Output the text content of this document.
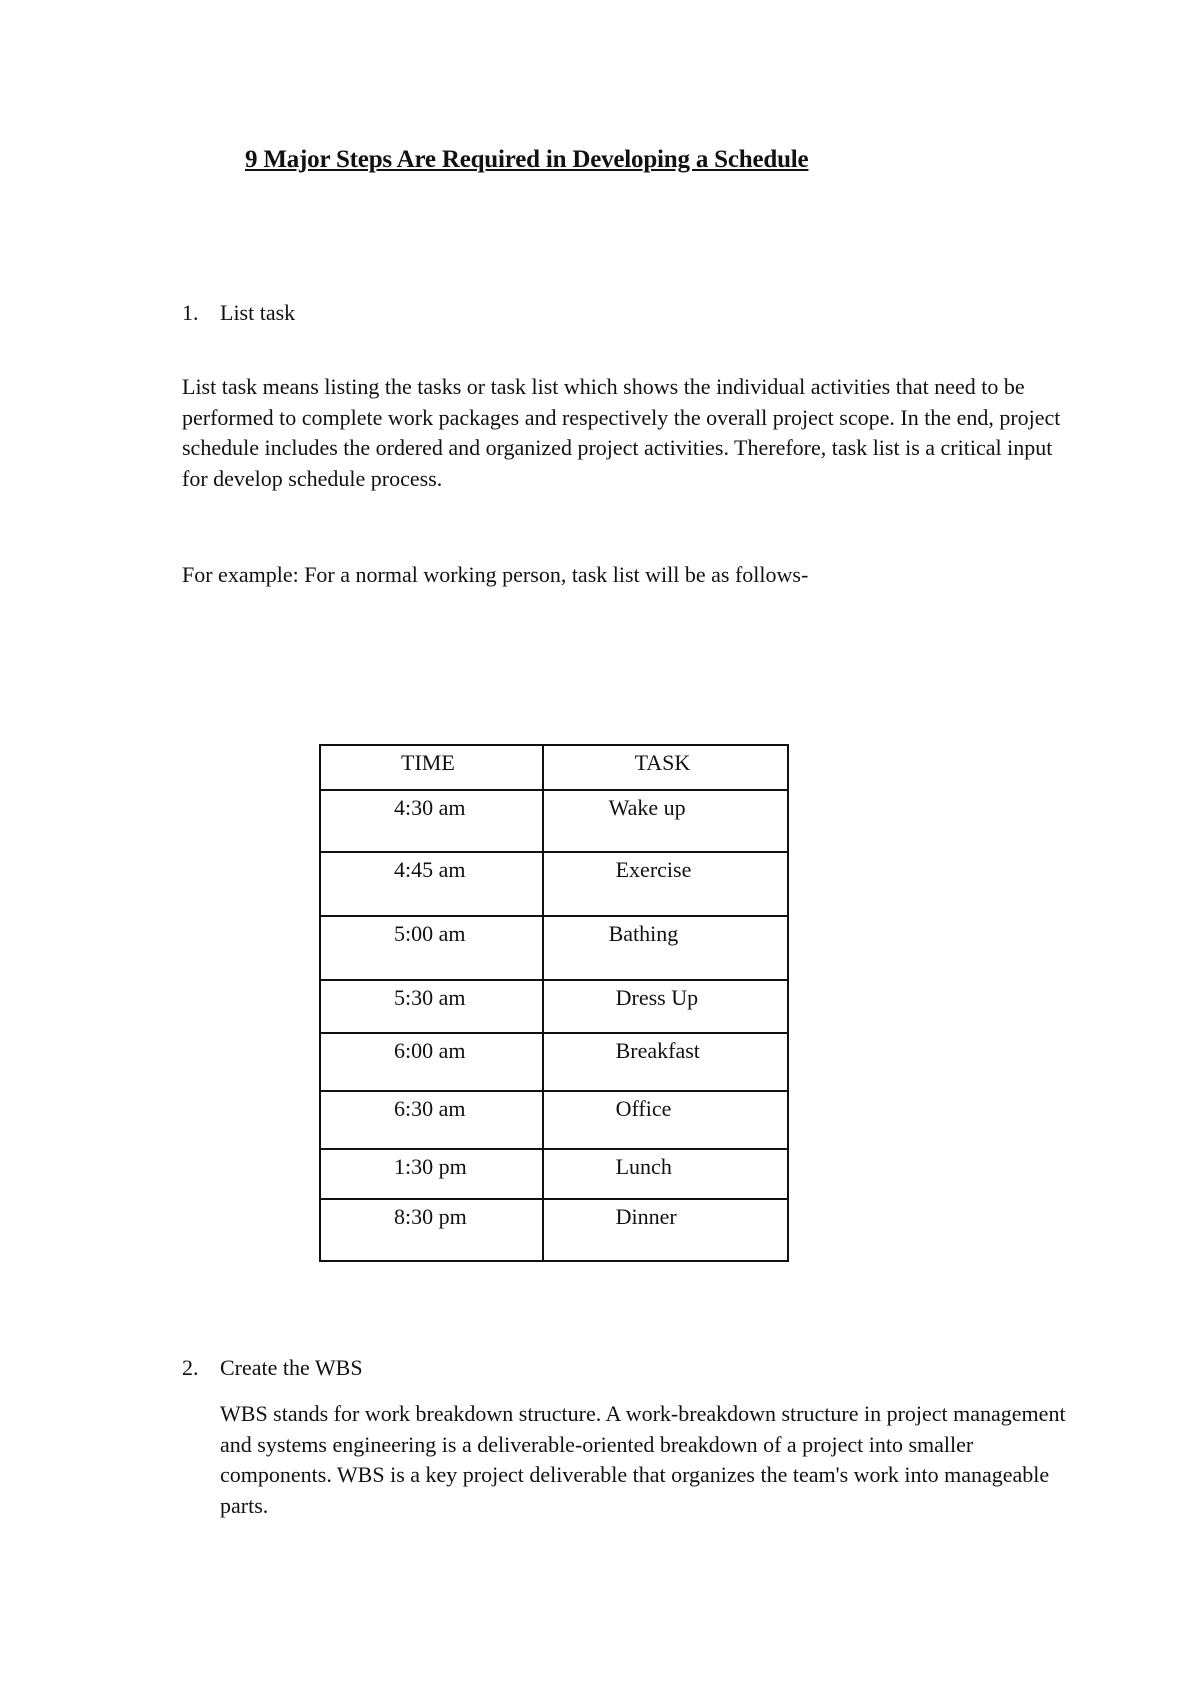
9 Major Steps Are Required in Developing a Schedule
1. List task

List task means listing the tasks or task list which shows the individual activities that need to be performed to complete work packages and respectively the overall project scope. In the end, project schedule includes the ordered and organized project activities. Therefore, task list is a critical input for develop schedule process.

For example: For a normal working person, task list will be as follows-

TIME	TASK
4:30 am	Wake up
4:45 am	Exercise
5:00 am	Bathing
5:30 am	Dress Up
6:00 am	Breakfast
6:30 am	Office
1:30 pm	Lunch
8:30 pm	Dinner
2. Create the WBS

WBS stands for work breakdown structure. A work-breakdown structure in project management and systems engineering is a deliverable-oriented breakdown of a project into smaller components. WBS is a key project deliverable that organizes the team's work into manageable parts.
